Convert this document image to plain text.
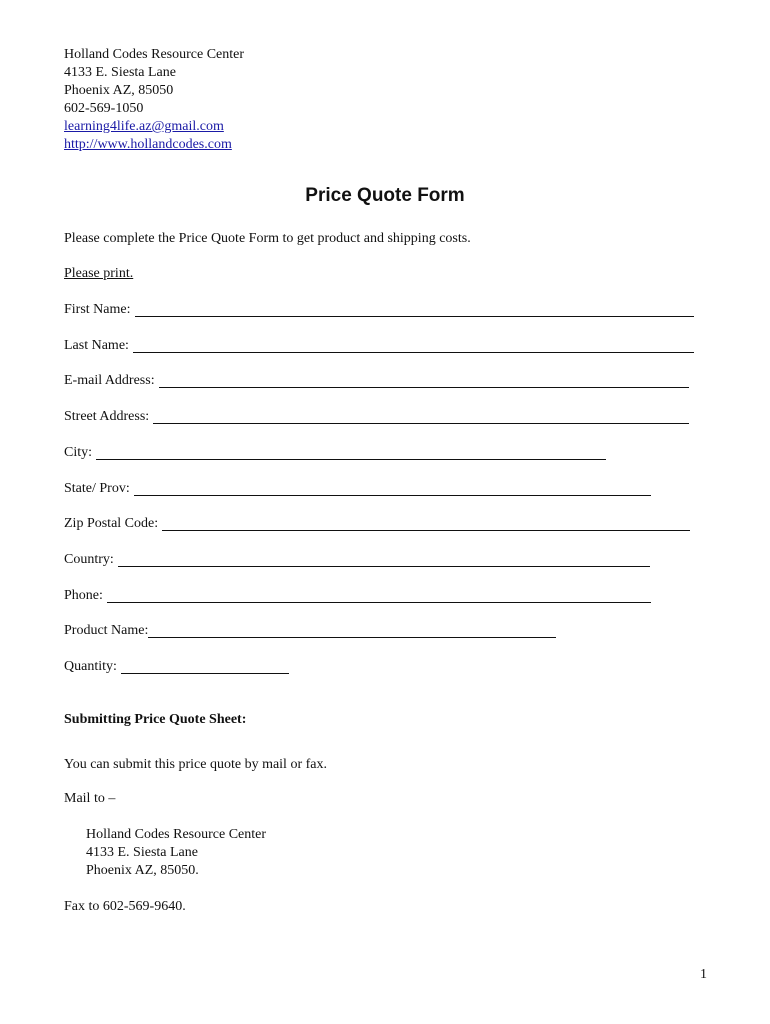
Holland Codes Resource Center
4133 E. Siesta Lane
Phoenix AZ, 85050
602-569-1050
learning4life.az@gmail.com
http://www.hollandcodes.com
Price Quote Form
Please complete the Price Quote Form to get product and shipping costs.
Please print.
First Name:
Last Name:
E-mail Address:
Street Address:
City:
State/ Prov:
Zip Postal Code:
Country:
Phone:
Product Name:
Quantity:
Submitting Price Quote Sheet:
You can submit this price quote by mail or fax.
Mail to –
Holland Codes Resource Center
4133 E. Siesta Lane
Phoenix AZ, 85050.
Fax to 602-569-9640.
1
